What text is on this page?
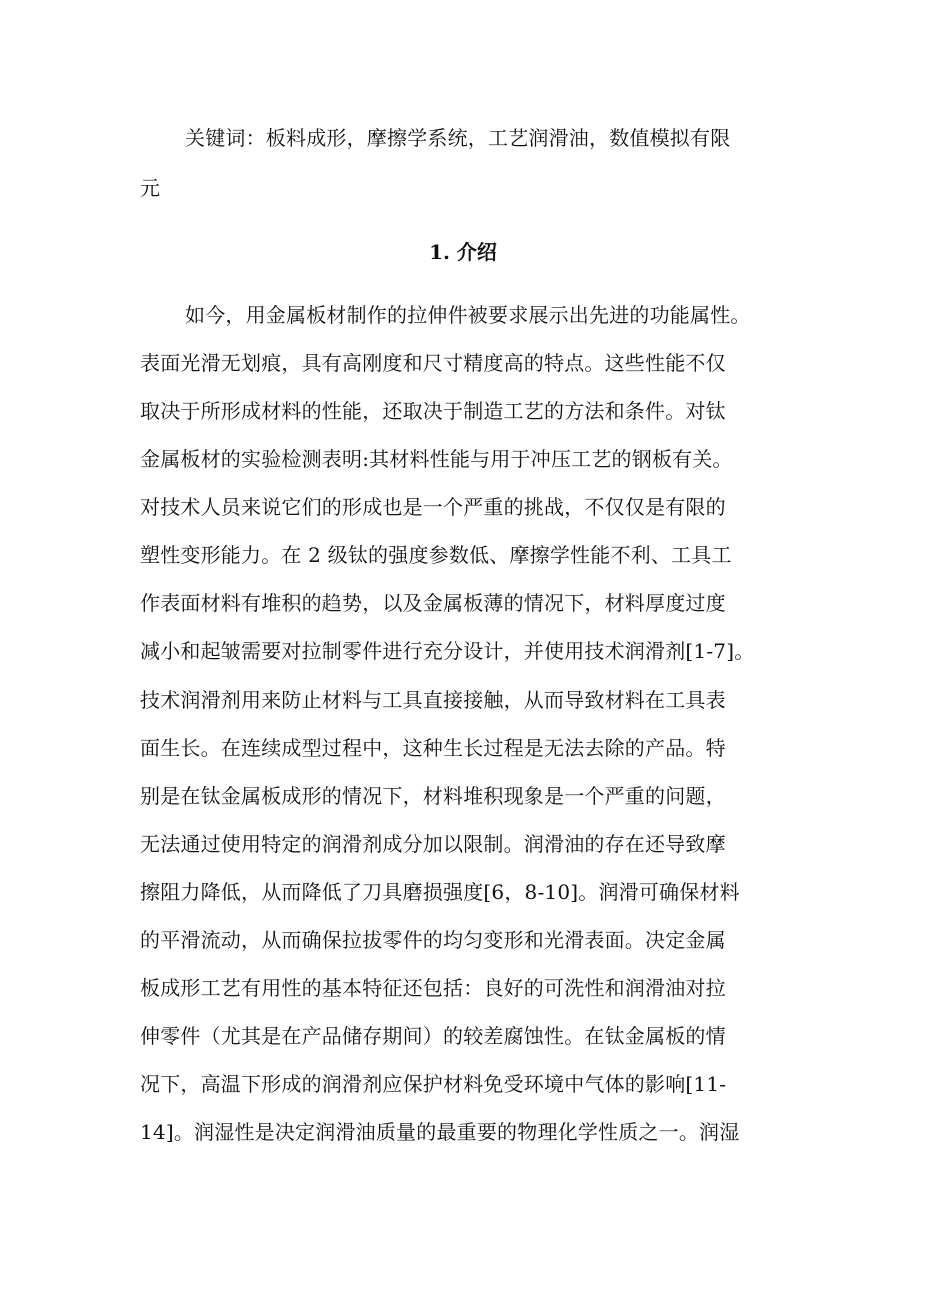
关键词：板料成形，摩擦学系统，工艺润滑油，数值模拟有限
元
1. 介绍
如今，用金属板材制作的拉伸件被要求展示出先进的功能属性。
表面光滑无划痕，具有高刚度和尺寸精度高的特点。这些性能不仅
取决于所形成材料的性能，还取决于制造工艺的方法和条件。对钛
金属板材的实验检测表明:其材料性能与用于冲压工艺的钢板有关。
对技术人员来说它们的形成也是一个严重的挑战，不仅仅是有限的
塑性变形能力。在 2 级钛的强度参数低、摩擦学性能不利、工具工
作表面材料有堆积的趋势，以及金属板薄的情况下，材料厚度过度
减小和起皱需要对拉制零件进行充分设计，并使用技术润滑剂[1-7]。
技术润滑剂用来防止材料与工具直接接触，从而导致材料在工具表
面生长。在连续成型过程中，这种生长过程是无法去除的产品。特
别是在钛金属板成形的情况下，材料堆积现象是一个严重的问题，
无法通过使用特定的润滑剂成分加以限制。润滑油的存在还导致摩
擦阻力降低，从而降低了刀具磨损强度[6，8-10]。润滑可确保材料
的平滑流动，从而确保拉拔零件的均匀变形和光滑表面。决定金属
板成形工艺有用性的基本特征还包括：良好的可洗性和润滑油对拉
伸零件（尤其是在产品储存期间）的较差腐蚀性。在钛金属板的情
况下，高温下形成的润滑剂应保护材料免受环境中气体的影响[11-
14]。润湿性是决定润滑油质量的最重要的物理化学性质之一。润湿
